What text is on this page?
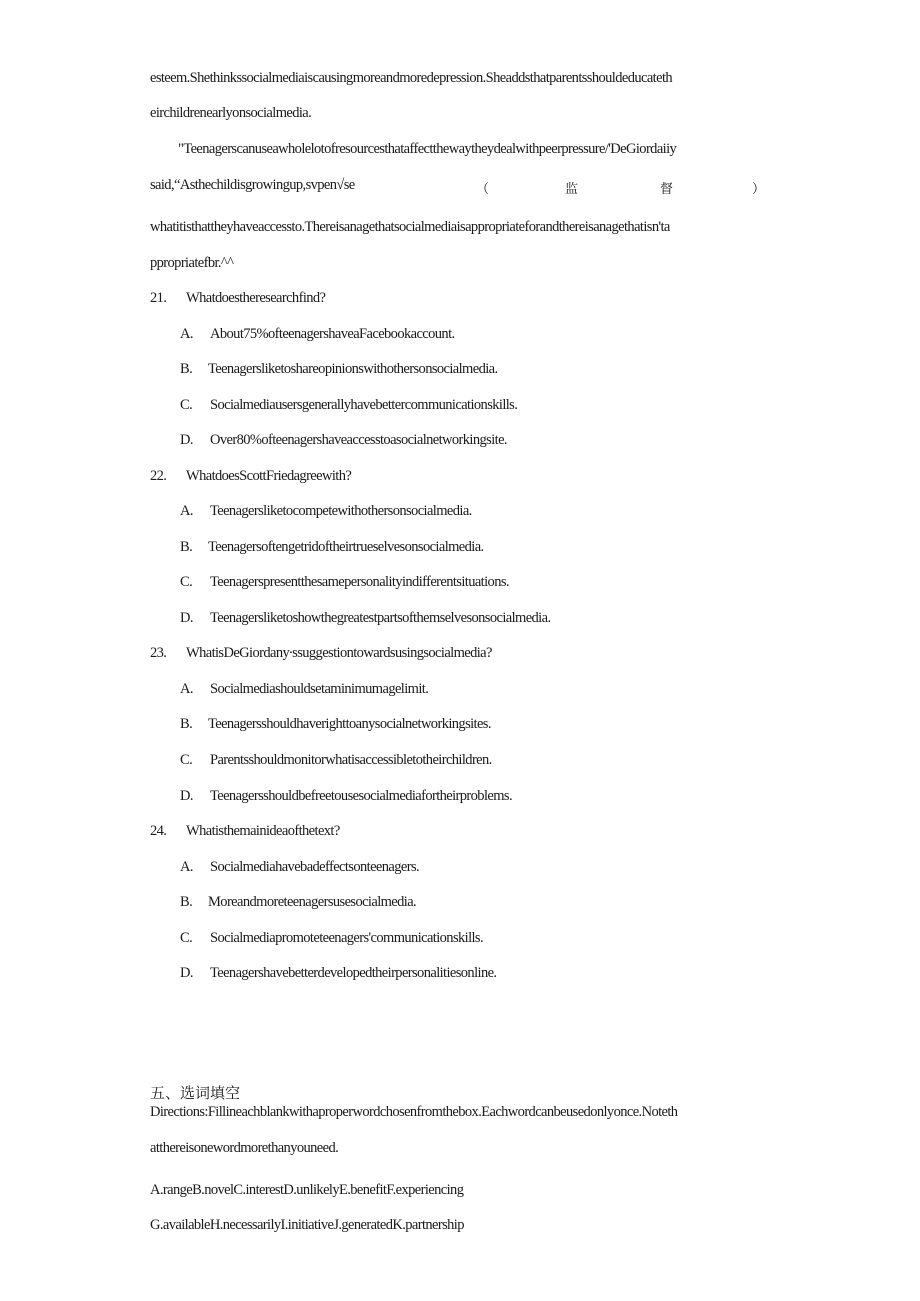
esteem.Shethinkssocialmediaiscausingmoreandmoredepression.Sheaddsthatparentsshouldeducateth
eirchildrenearlyonsocialmedia.
"Teenagerscanuseawholelotofresourcesthataffectthewaytheydealwithpeerpressure/'DeGiordaiiy
said,“Asthechildisgrowingup,svpen√se	（	监	督	）
whatitisthattheyhaveaccessto.Thereisanagethatsocialmediaisappropriateforandthereisanagethatisn'ta
ppropriatefbr.^^
21. Whatdoestheresearchfind?
A. About75%ofteenagershaveaFacebookaccount.
B. Teenagersliketoshareopinionswithothersonsocialmedia.
C. Socialmediausersgenerallyhavebettercommunicationskills.
D. Over80%ofteenagershaveaccesstoasocialnetworkingsite.
22. WhatdoesScottFriedagreewith?
A. Teenagersliketocompetewithothersonsocialmedia.
B. Teenagersoftengetridoftheirtrueselvesonsocialmedia.
C. Teenagerspresentthesamepersonalityindifferentsituations.
D. Teenagersliketoshowthegreatestpartsofthemselvesonsocialmedia.
23. WhatisDeGiordany∙ssuggestiontowardsusingsocialmedia?
A. Socialmediashouldsetaminimumagelimit.
B. Teenagersshouldhaverighttoanysocialnetworkingsites.
C. Parentsshouldmonitorwhatisaccessibletotheirchildren.
D. Teenagersshouldbefreetousesocialmediafortheirproblems.
24. Whatisthemainideaofthetext?
A. Socialmediahavebadeffectsonteenagers.
B. Moreandmoreteenagersusesocialmedia.
C. Socialmediapromoteteenagers'communicationskills.
D. Teenagershavebetterdevelopedtheirpersonalitiesonline.
五、选词填空
Directions:Fillineachblankwithaproperwordchosenfromthebox.Eachwordcanbeusedonlyonce.Noteth
atthereisonewordmorethanyouneed.
A.rangeB.novelC.interestD.unlikelyE.benefitF.experiencing
G.availableH.necessarilyI.initiativeJ.generatedK.partnership
